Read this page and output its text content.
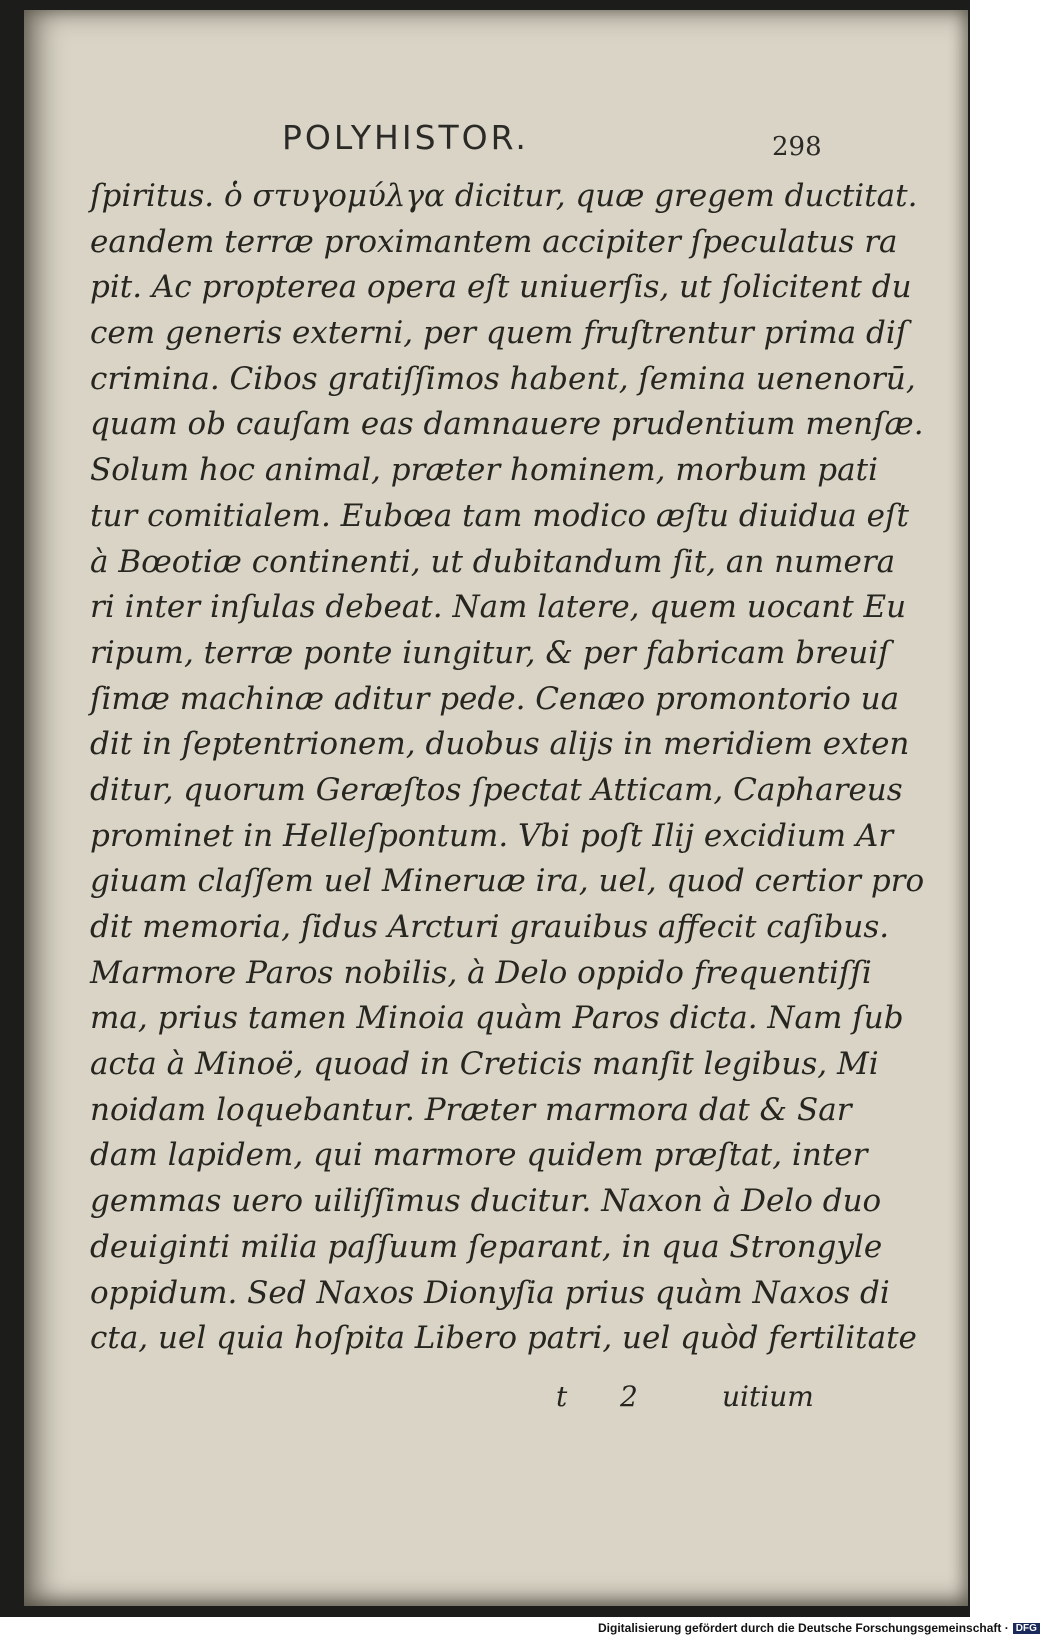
POLYHISTOR.	298
ſpiritus. ὁ στυγομύλγα dicitur, quæ gregem ductitat.
eandem terræ proximantem accipiter ſpeculatus ra
pit. Ac propterea opera eſt uniuerſis, ut ſolicitent du
cem generis externi, per quem fruſtrentur prima diſ
crimina. Cibos gratiſſimos habent, ſemina uenenorū,
quam ob cauſam eas damnauere prudentium menſæ.
Solum hoc animal, præter hominem, morbum pati
tur comitialem. Eubœa tam modico æſtu diuidua eſt
à Bœotiæ continenti, ut dubitandum ſit, an numera
ri inter inſulas debeat. Nam latere, quem uocant Eu
ripum, terræ ponte iungitur, & per fabricam breuiſ
ſimæ machinæ aditur pede. Cenæo promontorio ua
dit in ſeptentrionem, duobus alijs in meridiem exten
ditur, quorum Geræſtos ſpectat Atticam, Caphareus
prominet in Helleſpontum. Vbi poſt Ilij excidium Ar
giuam claſſem uel Mineruæ ira, uel, quod certior pro
dit memoria, ſidus Arcturi grauibus affecit caſibus.
Marmore Paros nobilis, à Delo oppido frequentiſſi
ma, prius tamen Minoia quàm Paros dicta. Nam ſub
acta à Minoë, quoad in Creticis manſit legibus, Mi
noidam loquebantur. Præter marmora dat & Sar
dam lapidem, qui marmore quidem præſtat, inter
gemmas uero uiliſſimus ducitur. Naxon à Delo duo
deuiginti milia paſſuum ſeparant, in qua Strongyle
oppidum. Sed Naxos Dionyſia prius quàm Naxos di
cta, uel quia hoſpita Libero patri, uel quòd fertilitate
t 2	uitium
Digitalisierung gefördert durch die Deutsche Forschungsgemeinschaft · DFG
